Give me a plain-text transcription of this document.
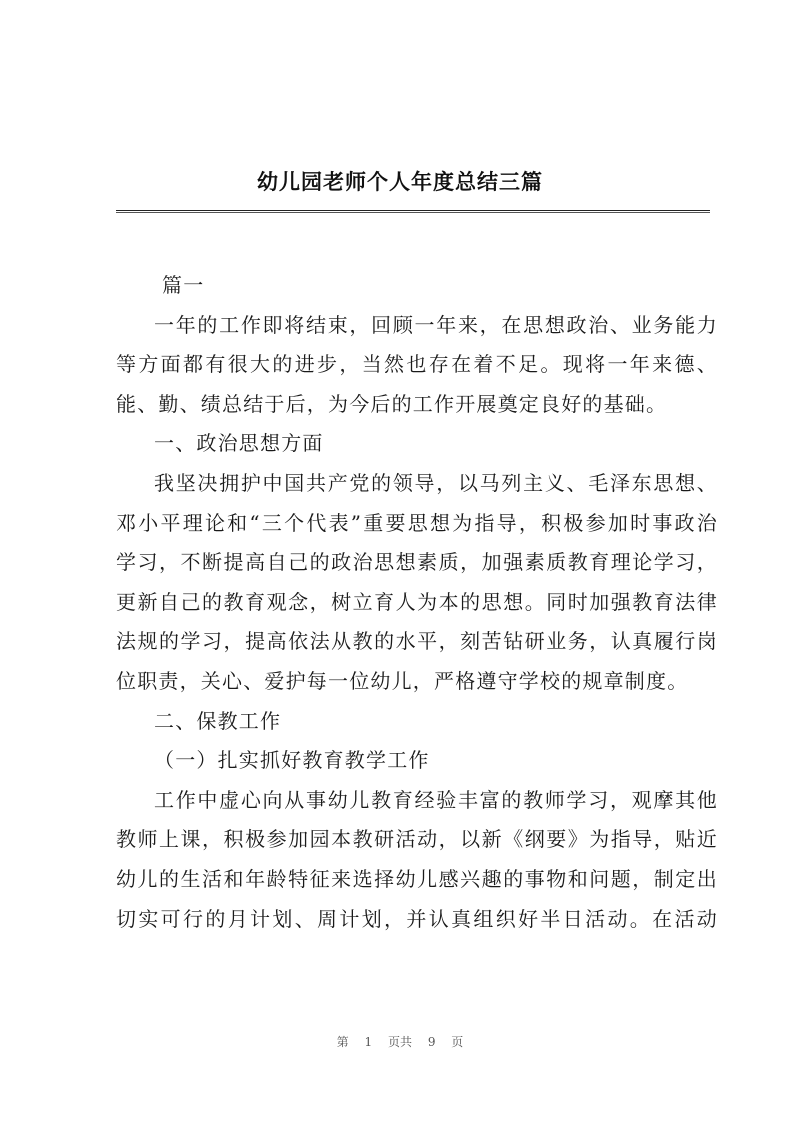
幼儿园老师个人年度总结三篇
篇一
一年的工作即将结束，回顾一年来，在思想政治、业务能力
等方面都有很大的进步，当然也存在着不足。现将一年来德、
能、勤、绩总结于后，为今后的工作开展奠定良好的基础。
一、政治思想方面
我坚决拥护中国共产党的领导，以马列主义、毛泽东思想、
邓小平理论和“三个代表”重要思想为指导，积极参加时事政治
学习，不断提高自己的政治思想素质，加强素质教育理论学习，
更新自己的教育观念，树立育人为本的思想。同时加强教育法律
法规的学习，提高依法从教的水平，刻苦钻研业务，认真履行岗
位职责，关心、爱护每一位幼儿，严格遵守学校的规章制度。
二、保教工作
（一）扎实抓好教育教学工作
工作中虚心向从事幼儿教育经验丰富的教师学习，观摩其他
教师上课，积极参加园本教研活动，以新《纲要》为指导，贴近
幼儿的生活和年龄特征来选择幼儿感兴趣的事物和问题，制定出
切实可行的月计划、周计划，并认真组织好半日活动。在活动
第 1 页共 9 页
